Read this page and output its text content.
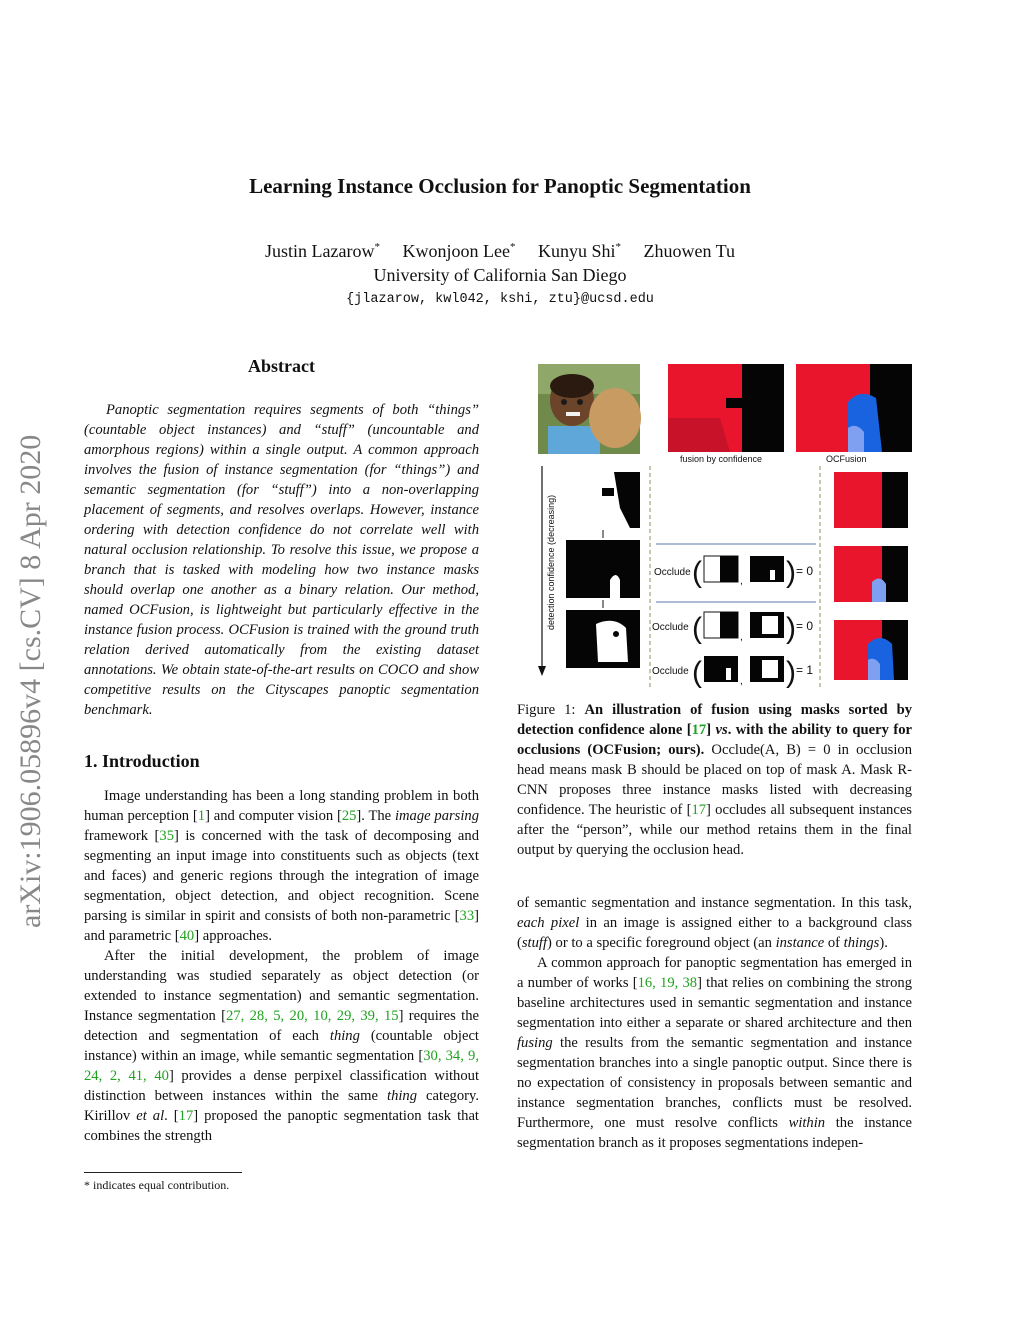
Learning Instance Occlusion for Panoptic Segmentation
Justin Lazarow* Kwonjoon Lee* Kunyu Shi* Zhuowen Tu
University of California San Diego
{jlazarow, kwl042, kshi, ztu}@ucsd.edu
arXiv:1906.05896v4 [cs.CV] 8 Apr 2020
Abstract
Panoptic segmentation requires segments of both “things” (countable object instances) and “stuff” (uncountable and amorphous regions) within a single output. A common approach involves the fusion of instance segmentation (for “things”) and semantic segmentation (for “stuff”) into a non-overlapping placement of segments, and resolves overlaps. However, instance ordering with detection confidence do not correlate well with natural occlusion relationship. To resolve this issue, we propose a branch that is tasked with modeling how two instance masks should overlap one another as a binary relation. Our method, named OCFusion, is lightweight but particularly effective in the instance fusion process. OCFusion is trained with the ground truth relation derived automatically from the existing dataset annotations. We obtain state-of-the-art results on COCO and show competitive results on the Cityscapes panoptic segmentation benchmark.
1. Introduction

Image understanding has been a long standing problem in both human perception [1] and computer vision [25]. The image parsing framework [35] is concerned with the task of decomposing and segmenting an input image into constituents such as objects (text and faces) and generic regions through the integration of image segmentation, object detection, and object recognition. Scene parsing is similar in spirit and consists of both non-parametric [33] and parametric [40] approaches.

After the initial development, the problem of image understanding was studied separately as object detection (or extended to instance segmentation) and semantic segmentation. Instance segmentation [27, 28, 5, 20, 10, 29, 39, 15] requires the detection and segmentation of each thing (countable object instance) within an image, while semantic segmentation [30, 34, 9, 24, 2, 41, 40] provides a dense perpixel classification without distinction between instances within the same thing category. Kirillov et al. [17] proposed the panoptic segmentation task that combines the strength

* indicates equal contribution.
fusion by confidence	OCFusion
detection confidence (decreasing)	Occlude (	, ) = 0
Occlude (	, ) = 0
Occlude (	, ) = 1
Figure 1: An illustration of fusion using masks sorted by detection confidence alone [17] vs. with the ability to query for occlusions (OCFusion; ours). Occlude(A, B) = 0 in occlusion head means mask B should be placed on top of mask A. Mask R-CNN proposes three instance masks listed with decreasing confidence. The heuristic of [17] occludes all subsequent instances after the “person”, while our method retains them in the final output by querying the occlusion head.

of semantic segmentation and instance segmentation. In this task, each pixel in an image is assigned either to a background class (stuff) or to a specific foreground object (an instance of things).

A common approach for panoptic segmentation has emerged in a number of works [16, 19, 38] that relies on combining the strong baseline architectures used in semantic segmentation and instance segmentation into either a separate or shared architecture and then fusing the results from the semantic segmentation and instance segmentation branches into a single panoptic output. Since there is no expectation of consistency in proposals between semantic and instance segmentation branches, conflicts must be resolved. Furthermore, one must resolve conflicts within the instance segmentation branch as it proposes segmentations indepen-
